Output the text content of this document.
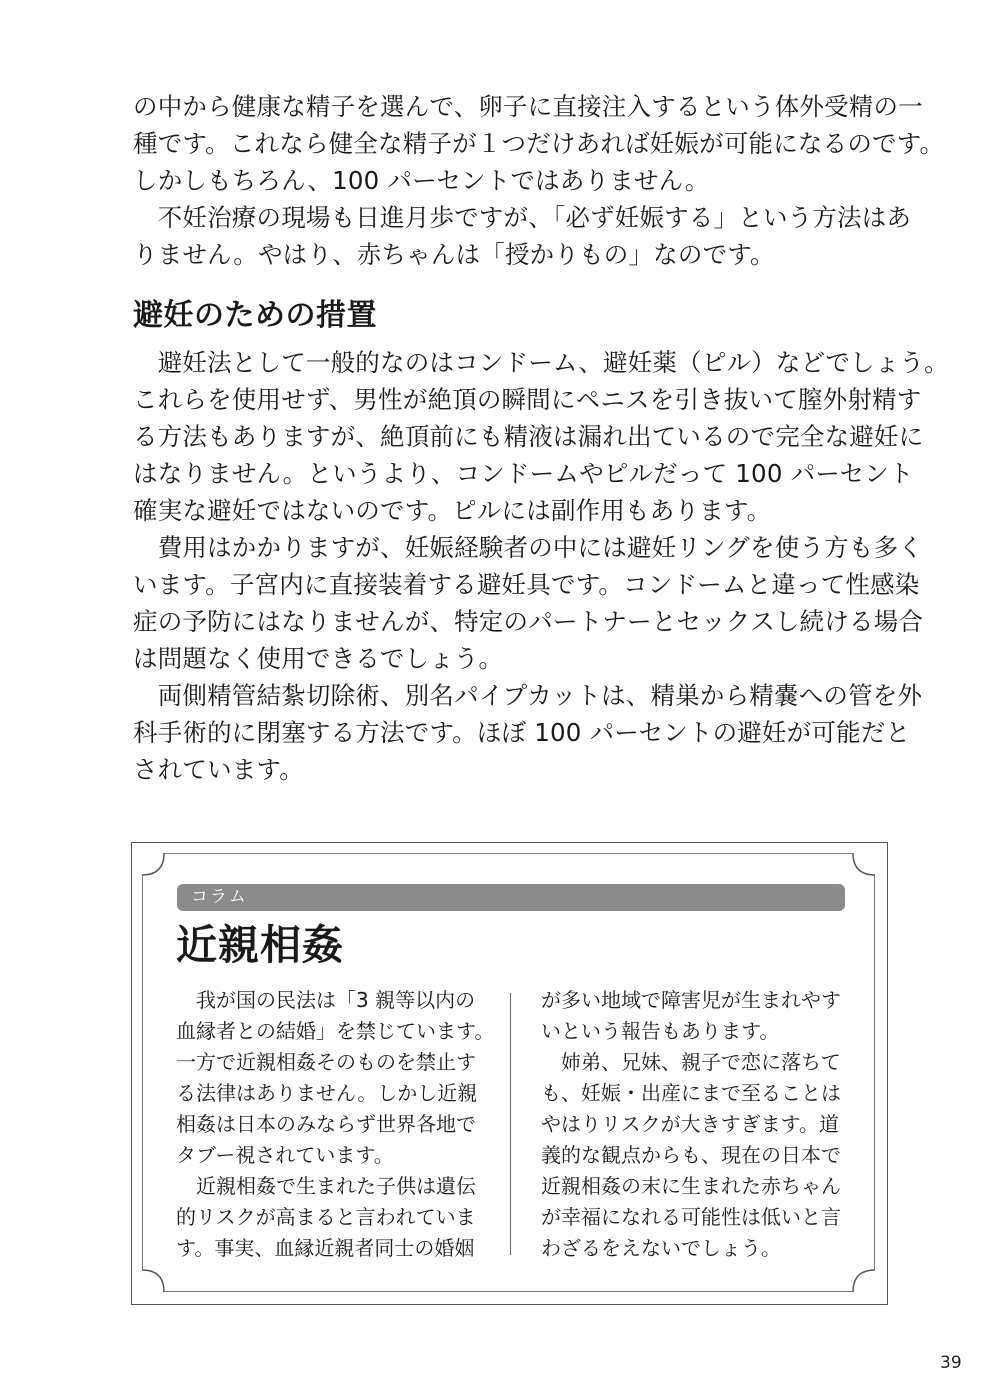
の中から健康な精子を選んで、卵子に直接注入するという体外受精の一
種です。これなら健全な精子が１つだけあれば妊娠が可能になるのです。
しかしもちろん、100 パーセントではありません。
　不妊治療の現場も日進月歩ですが、「必ず妊娠する」という方法はあ
りません。やはり、赤ちゃんは「授かりもの」なのです。
避妊のための措置
　避妊法として一般的なのはコンドーム、避妊薬（ピル）などでしょう。
これらを使用せず、男性が絶頂の瞬間にペニスを引き抜いて膣外射精す
る方法もありますが、絶頂前にも精液は漏れ出ているので完全な避妊に
はなりません。というより、コンドームやピルだって 100 パーセント
確実な避妊ではないのです。ピルには副作用もあります。
　費用はかかりますが、妊娠経験者の中には避妊リングを使う方も多く
います。子宮内に直接装着する避妊具です。コンドームと違って性感染
症の予防にはなりませんが、特定のパートナーとセックスし続ける場合
は問題なく使用できるでしょう。
　両側精管結紮切除術、別名パイプカットは、精巣から精嚢への管を外
科手術的に閉塞する方法です。ほぼ 100 パーセントの避妊が可能だと
されています。
コラム
近親相姦
　我が国の民法は「3 親等以内の
血縁者との結婚」を禁じています。
一方で近親相姦そのものを禁止す
る法律はありません。しかし近親
相姦は日本のみならず世界各地で
タブー視されています。
　近親相姦で生まれた子供は遺伝
的リスクが高まると言われていま
す。事実、血縁近親者同士の婚姻
が多い地域で障害児が生まれやす
いという報告もあります。
　姉弟、兄妹、親子で恋に落ちて
も、妊娠・出産にまで至ることは
やはりリスクが大きすぎます。道
義的な観点からも、現在の日本で
近親相姦の末に生まれた赤ちゃん
が幸福になれる可能性は低いと言
わざるをえないでしょう。
39
